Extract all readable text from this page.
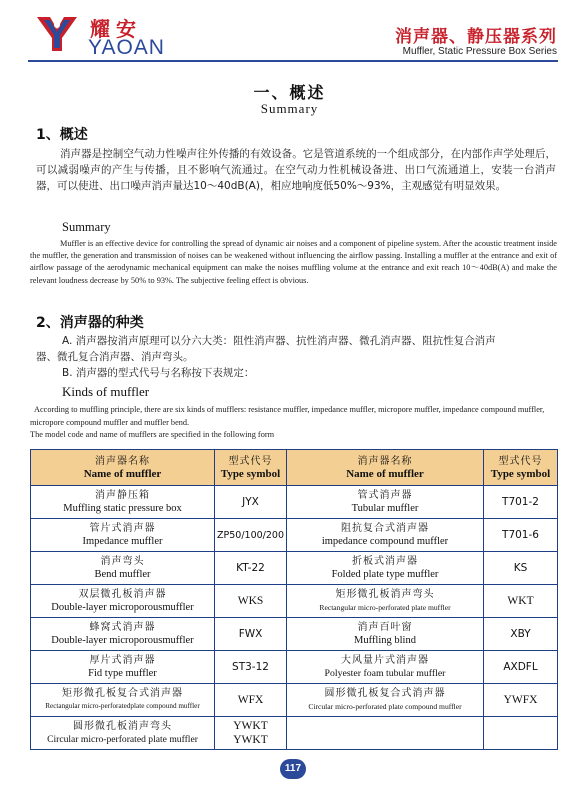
耀安
YAOAN	消声器、静压器系列
Muffler, Static Pressure Box Series
一、概述
Summary
1、概述
消声器是控制空气动力性噪声往外传播的有效设备。它是管道系统的一个组成部分，在内部作声学处理后，可以减弱噪声的产生与传播，且不影响气流通过。在空气动力性机械设备进、出口气流通道上，安装一台消声器，可以使进、出口噪声消声量达10～40dB(A)，相应地响度低50%～93%，主观感觉有明显效果。
Summary
Muffler is an effective device for controlling the spread of dynamic air noises and a component of pipeline system. After the acoustic treatment inside the muffler, the generation and transmission of noises can be weakened without influencing the airflow passing. Installing a muffler at the entrance and exit of airflow passage of the aerodynamic mechanical equipment can make the noises muffling volume at the entrance and exit reach 10～40dB(A) and make the relevant loudness decrease by 50% to 93%. The subjective feeling effect is obvious.
2、消声器的种类
A. 消声器按消声原理可以分六大类：阻性消声器、抗性消声器、微孔消声器、阻抗性复合消声
器、微孔复合消声器、消声弯头。
B. 消声器的型式代号与名称按下表规定：
Kinds of muffler
According to muffling principle, there are six kinds of mufflers: resistance muffler, impedance muffler, micropore muffler, impedance compound muffler, micropore compound muffler and muffler bend.
The model code and name of mufflers are specified in the following form
消声器名称
Name of muffler	型式代号
Type symbol	消声器名称
Name of muffler	型式代号
Type symbol

消声静压箱
Muffling static pressure box	JYX	管式消声器
Tubular muffler	T701-2

管片式消声器
Impedance muffler	ZP50/100/200	阻抗复合式消声器
impedance compound muffler	T701-6

消声弯头
Bend muffler	KT-22	折板式消声器
Folded plate type muffler	KS

双层微孔板消声器
Double-layer microporousmuffler	WKS	矩形微孔板消声弯头
Rectangular micro-perforated plate muffler	WKT

蜂窝式消声器
Double-layer microporousmuffler	FWX	消声百叶窗
Muffling blind	XBY

厚片式消声器
Fid type muffler	ST3-12	大风量片式消声器
Polyester foam tubular muffler	AXDFL

矩形微孔板复合式消声器
Rectangular micro-perforatedplate compound muffler	WFX	圆形微孔板复合式消声器
Circular micro-perforated plate compound muffler	YWFX

圆形微孔板消声弯头
Circular micro-perforated plate muffler	YWKT
YWKT		

117
